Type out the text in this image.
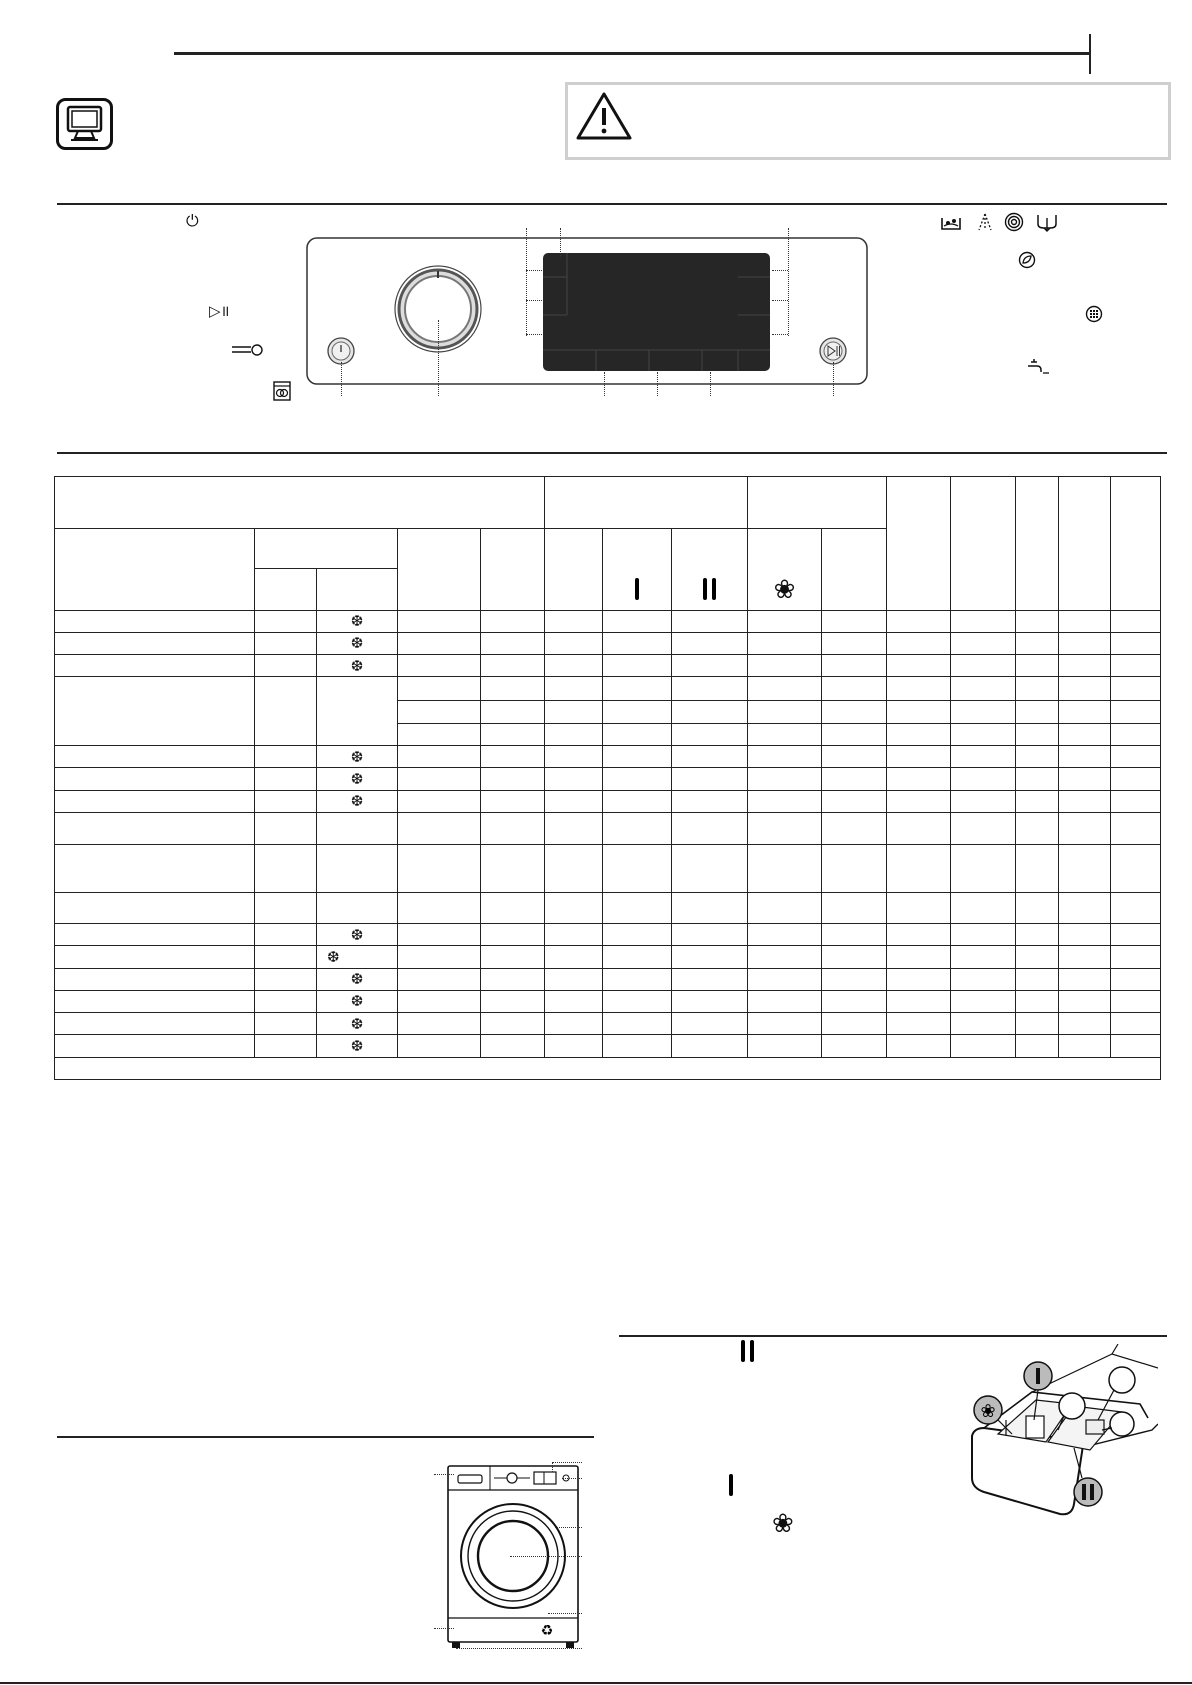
⏻
▷॥

								❀							
		❆													
		❆													
		❆													

		❆													
		❆													
		❆													

		❆													
		❆													
		❆													
		❆													
		❆													
		❆													

♻
❀
❀
